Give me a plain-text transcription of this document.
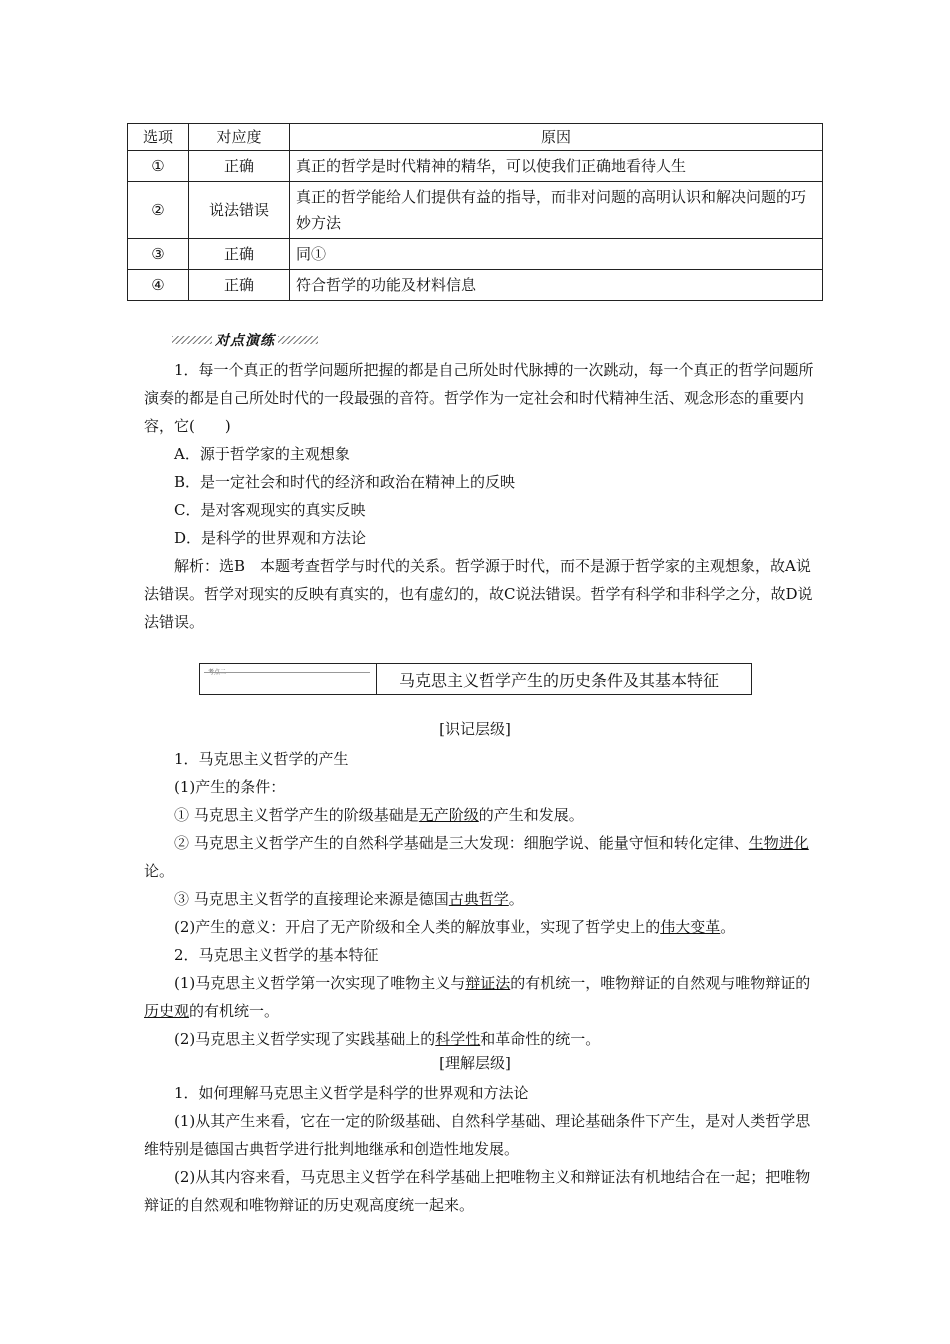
选项	对应度	原因
①	正确	真正的哲学是时代精神的精华，可以使我们正确地看待人生
②	说法错误	真正的哲学能给人们提供有益的指导，而非对问题的高明认识和解决问题的巧妙方法
③	正确	同①
④	正确	符合哲学的功能及材料信息
对点演练

1．每一个真正的哲学问题所把握的都是自己所处时代脉搏的一次跳动，每一个真正的哲学问题所演奏的都是自己所处时代的一段最强的音符。哲学作为一定社会和时代精神生活、观念形态的重要内容，它(　　)

A．源于哲学家的主观想象

B．是一定社会和时代的经济和政治在精神上的反映

C．是对客观现实的真实反映

D．是科学的世界观和方法论

解析：选B　本题考查哲学与时代的关系。哲学源于时代，而不是源于哲学家的主观想象，故A说法错误。哲学对现实的反映有真实的，也有虚幻的，故C说法错误。哲学有科学和非科学之分，故D说法错误。

考点二	马克思主义哲学产生的历史条件及其基本特征
[识记层级]

1．马克思主义哲学的产生

(1)产生的条件：

① 马克思主义哲学产生的阶级基础是无产阶级的产生和发展。

② 马克思主义哲学产生的自然科学基础是三大发现：细胞学说、能量守恒和转化定律、生物进化论。

③ 马克思主义哲学的直接理论来源是德国古典哲学。

(2)产生的意义：开启了无产阶级和全人类的解放事业，实现了哲学史上的伟大变革。

2．马克思主义哲学的基本特征

(1)马克思主义哲学第一次实现了唯物主义与辩证法的有机统一，唯物辩证的自然观与唯物辩证的历史观的有机统一。

(2)马克思主义哲学实现了实践基础上的科学性和革命性的统一。

[理解层级]

1．如何理解马克思主义哲学是科学的世界观和方法论

(1)从其产生来看，它在一定的阶级基础、自然科学基础、理论基础条件下产生，是对人类哲学思维特别是德国古典哲学进行批判地继承和创造性地发展。

(2)从其内容来看，马克思主义哲学在科学基础上把唯物主义和辩证法有机地结合在一起；把唯物辩证的自然观和唯物辩证的历史观高度统一起来。
